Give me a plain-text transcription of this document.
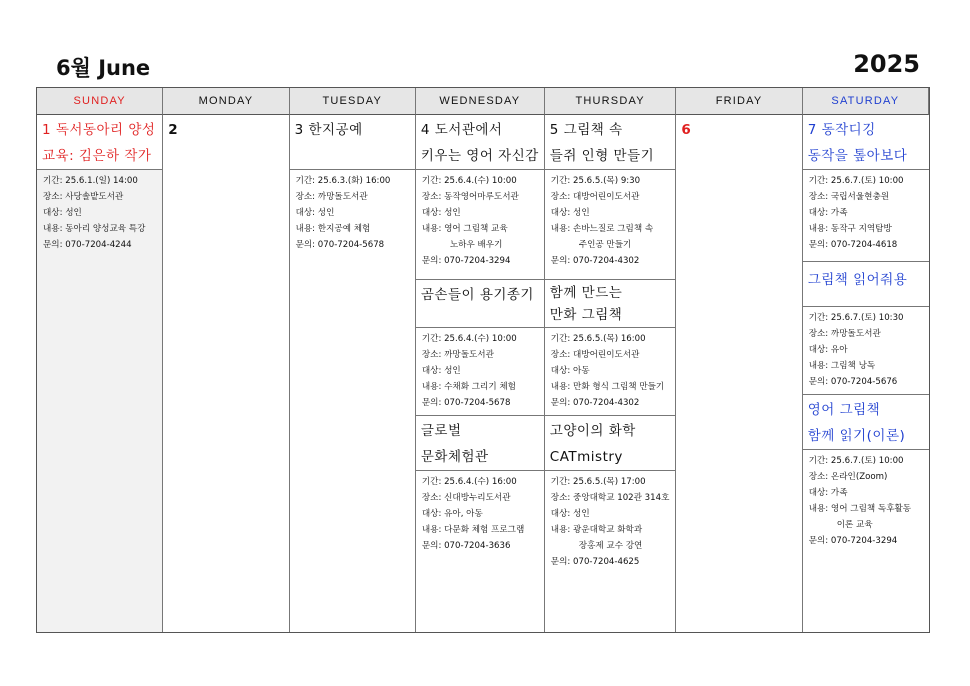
6월 June	2025
SUNDAY	MONDAY	TUESDAY	WEDNESDAY	THURSDAY	FRIDAY	SATURDAY
1 독서동아리 양성
교육: 김은하 작가
기간: 25.6.1.(일) 14:00
장소: 사당솔밭도서관
대상: 성인
내용: 동아리 양성교육 특강
문의: 070-7204-4244
2	3 한지공예
기간: 25.6.3.(화) 16:00
장소: 까망돌도서관
대상: 성인
내용: 한지공예 체험
문의: 070-7204-5678
4 도서관에서
키우는 영어 자신감
기간: 25.6.4.(수) 10:00
장소: 동작영어마루도서관
대상: 성인
내용: 영어 그림책 교육
노하우 배우기
문의: 070-7204-3294
곰손들이 용기종기
기간: 25.6.4.(수) 10:00
장소: 까망돌도서관
대상: 성인
내용: 수채화 그리기 체험
문의: 070-7204-5678
글로벌
문화체험관
기간: 25.6.4.(수) 16:00
장소: 신대방누리도서관
대상: 유아, 아동
내용: 다문화 체험 프로그램
문의: 070-7204-3636
5 그림책 속
들쥐 인형 만들기
기간: 25.6.5.(목) 9:30
장소: 대방어린이도서관
대상: 성인
내용: 손바느질로 그림책 속
주인공 만들기
문의: 070-7204-4302
함께 만드는
만화 그림책
기간: 25.6.5.(목) 16:00
장소: 대방어린이도서관
대상: 아동
내용: 만화 형식 그림책 만들기
문의: 070-7204-4302
고양이의 화학
CATmistry
기간: 25.6.5.(목) 17:00
장소: 중앙대학교 102관 314호
대상: 성인
내용: 광운대학교 화학과
장홍제 교수 강연
문의: 070-7204-4625
6	7 동작디깅
동작을 톺아보다
기간: 25.6.7.(토) 10:00
장소: 국립서울현충원
대상: 가족
내용: 동작구 지역탐방
문의: 070-7204-4618
그림책 읽어줘용
기간: 25.6.7.(토) 10:30
장소: 까망돌도서관
대상: 유아
내용: 그림책 낭독
문의: 070-7204-5676
영어 그림책
함께 읽기(이론)
기간: 25.6.7.(토) 10:00
장소: 온라인(Zoom)
대상: 가족
내용: 영어 그림책 독후활동
이론 교육
문의: 070-7204-3294
